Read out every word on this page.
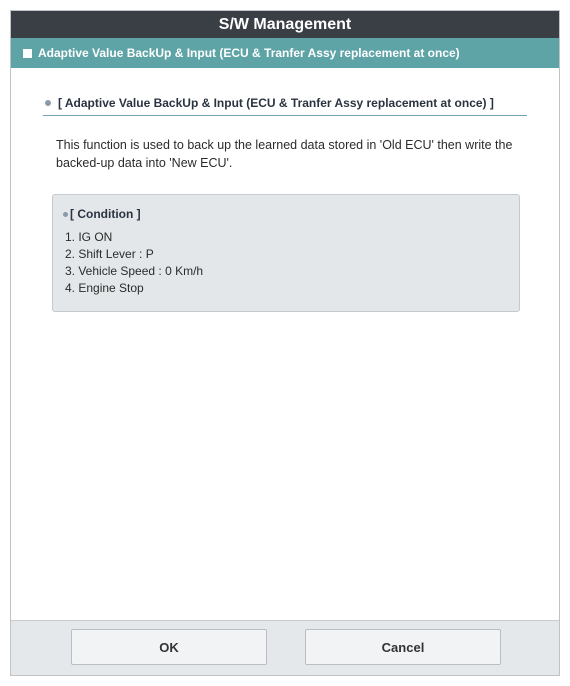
S/W Management
Adaptive Value BackUp & Input (ECU & Tranfer Assy replacement at once)
[ Adaptive Value BackUp & Input (ECU & Tranfer Assy replacement at once) ]
This function is used to back up the learned data stored in 'Old ECU' then write the backed-up data into 'New ECU'.
[ Condition ]
1. IG ON
2. Shift Lever : P
3. Vehicle Speed : 0 Km/h
4. Engine Stop
OK	Cancel
